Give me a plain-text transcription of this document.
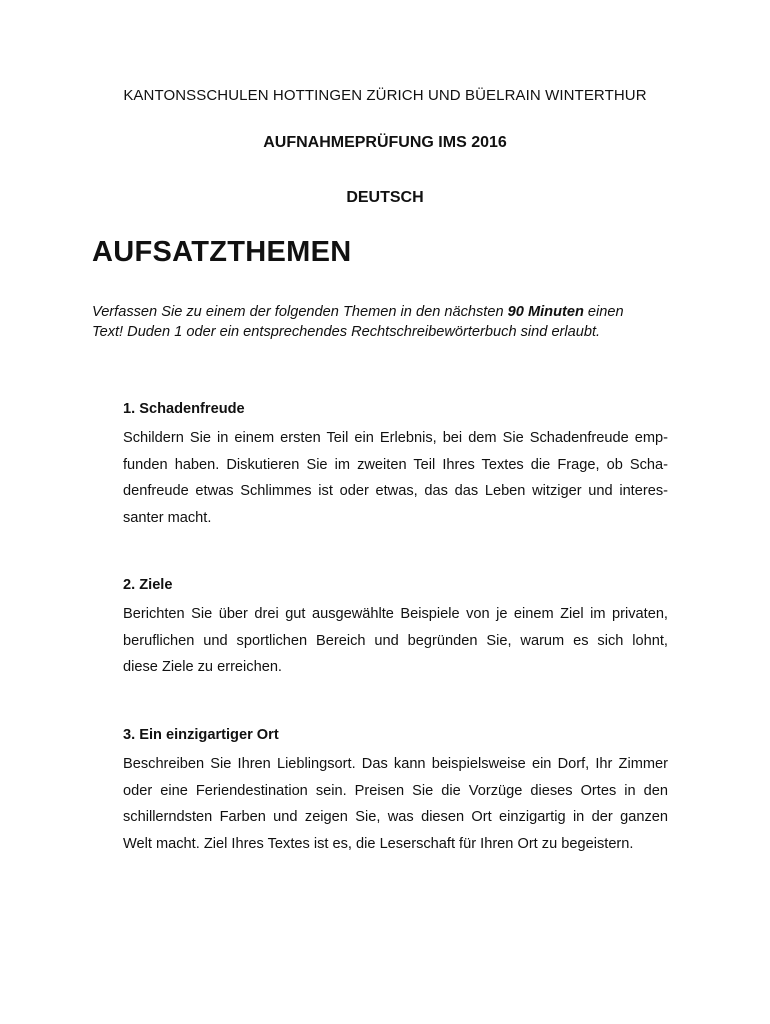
KANTONSSCHULEN HOTTINGEN ZÜRICH UND BÜELRAIN WINTERTHUR
AUFNAHMEPRÜFUNG IMS 2016
DEUTSCH
AUFSATZTHEMEN
Verfassen Sie zu einem der folgenden Themen in den nächsten 90 Minuten einen
Text! Duden 1 oder ein entsprechendes Rechtschreibewörterbuch sind erlaubt.
1. Schadenfreude
Schildern Sie in einem ersten Teil ein Erlebnis, bei dem Sie Schadenfreude emp-
funden haben. Diskutieren Sie im zweiten Teil Ihres Textes die Frage, ob Scha-
denfreude etwas Schlimmes ist oder etwas, das das Leben witziger und interes-
santer macht.
2. Ziele
Berichten Sie über drei gut ausgewählte Beispiele von je einem Ziel im privaten,
beruflichen und sportlichen Bereich und begründen Sie, warum es sich lohnt,
diese Ziele zu erreichen.
3. Ein einzigartiger Ort
Beschreiben Sie Ihren Lieblingsort. Das kann beispielsweise ein Dorf, Ihr Zimmer
oder eine Feriendestination sein. Preisen Sie die Vorzüge dieses Ortes in den
schillerndsten Farben und zeigen Sie, was diesen Ort einzigartig in der ganzen
Welt macht. Ziel Ihres Textes ist es, die Leserschaft für Ihren Ort zu begeistern.
